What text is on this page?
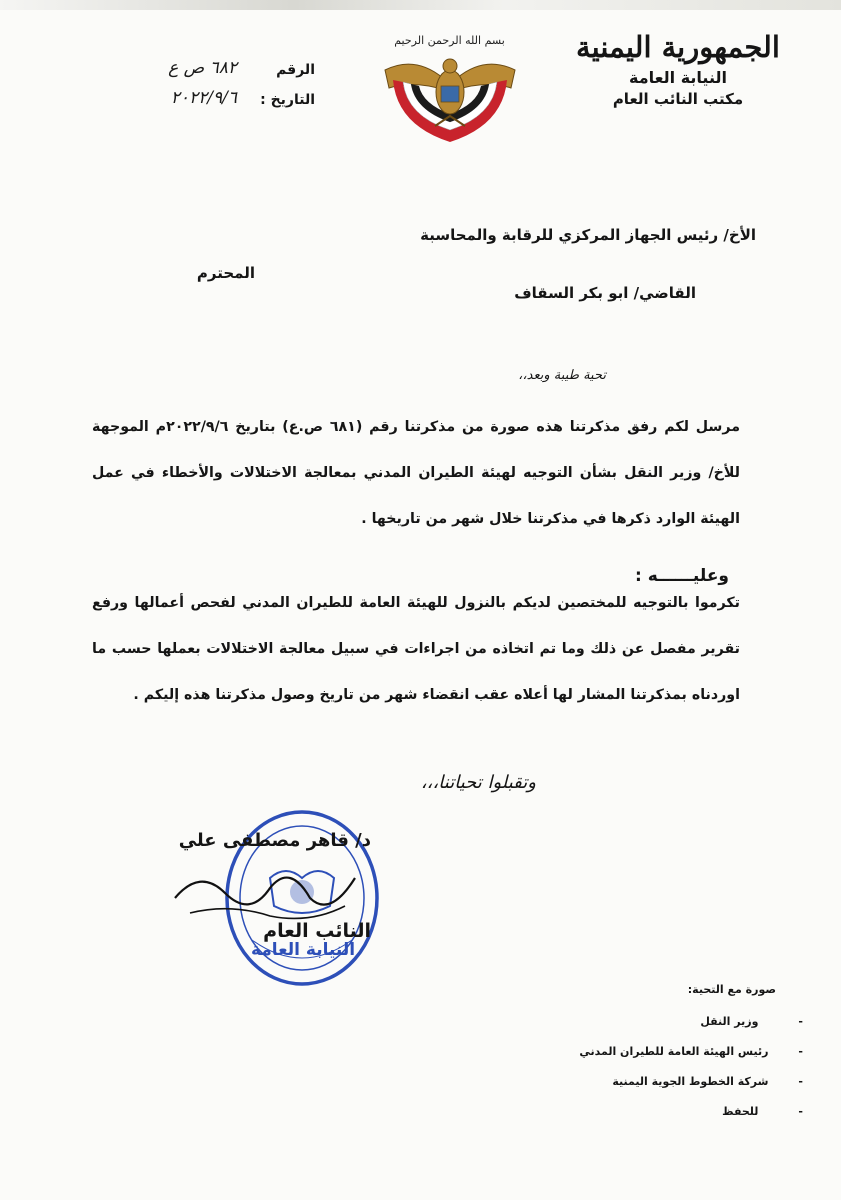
الجمهورية اليمنية
النيابة العامة
مكتب النائب العام
بسم الله الرحمن الرحيم
الرقم
٦٨٢ ص ع
التاريخ :
٢٠٢٢/٩/٦
الأخ/ رئيس الجهاز المركزي للرقابة والمحاسبة
المحترم
القاضي/ ابو بكر السقاف
تحية طيبة وبعد،،
مرسل لكم رفق مذكرتنا هذه صورة من مذكرتنا رقم (٦٨١ ص.ع) بتاريخ ٢٠٢٢/٩/٦م الموجهة للأخ/ وزير النقل بشأن التوجيه لهيئة الطيران المدني بمعالجة الاختلالات والأخطاء في عمل الهيئة الوارد ذكرها في مذكرتنا خلال شهر من تاريخها .
وعليــــــه :
تكرموا بالتوجيه للمختصين لديكم بالنزول للهيئة العامة للطيران المدني لفحص أعمالها ورفع تقرير مفصل عن ذلك وما تم اتخاذه من اجراءات في سبيل معالجة الاختلالات بعملها حسب ما اوردناه بمذكرتنا المشار لها أعلاه عقب انقضاء شهر من تاريخ وصول مذكرتنا هذه إليكم .
وتقبلوا تحياتنا،،،
النيابة العامة
د/ قاهر مصطفى علي
النائب العام
صورة مع التحية:
-وزير النقل
-رئيس الهيئة العامة للطيران المدني
-شركة الخطوط الجوية اليمنية
-للحفظ
